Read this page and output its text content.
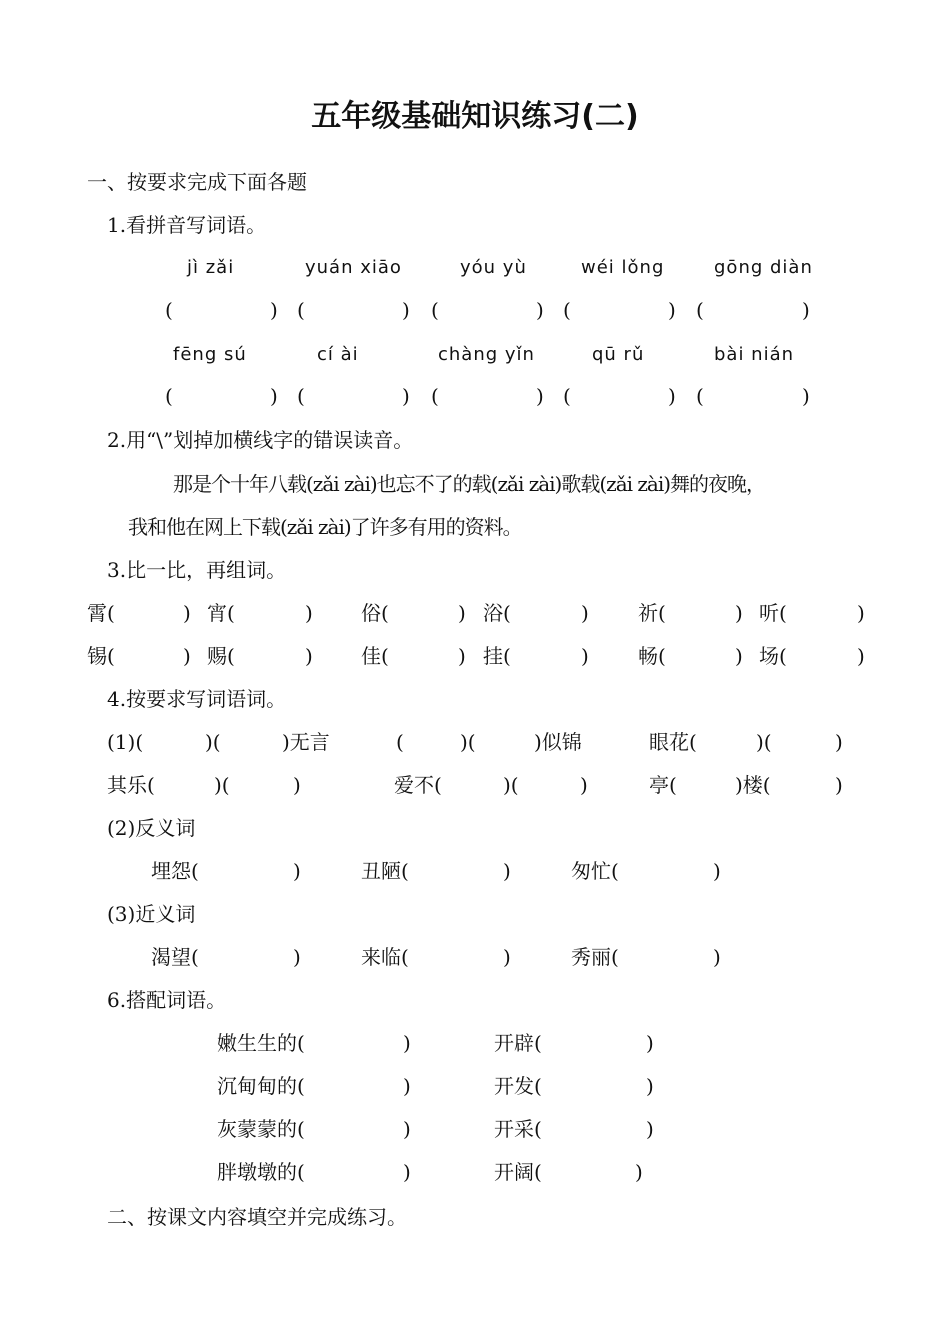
五年级基础知识练习(二)
一、按要求完成下面各题
1.看拼音写词语。
jì zǎi	yuán xiāo	yóu yù	wéi lǒng	gōng diàn
(	) (	) (	) (	) (	)
fēng sú	cí ài	chàng yǐn	qū rǔ	bài nián
(	) (	) (	) (	) (	)
2.用“\”划掉加横线字的错误读音。
那是个十年八载(zǎi zài)也忘不了的载(zǎi zài)歌载(zǎi zài)舞的夜晚，
我和他在网上下载(zǎi zài)了许多有用的资料。
3.比一比，再组词。
霄(	) 宵(	) 俗(	) 浴(	) 祈(	) 听(	)
锡(	) 赐(	) 佳(	) 挂(	) 畅(	) 场(	)
4.按要求写词语词。
(1)(	)(	)无言	(	)(	)似锦	眼花(	)(	)
其乐(	)(	)	爱不(	)(	)	亭(	)楼(	)
(2)反义词
埋怨(	)	丑陋(	)	匆忙(	)
(3)近义词
渴望(	)	来临(	)	秀丽(	)
6.搭配词语。
嫩生生的(	)	开辟(	)
沉甸甸的(	)	开发(	)
灰蒙蒙的(	)	开采(	)
胖墩墩的(	)	开阔(	)
二、按课文内容填空并完成练习。
